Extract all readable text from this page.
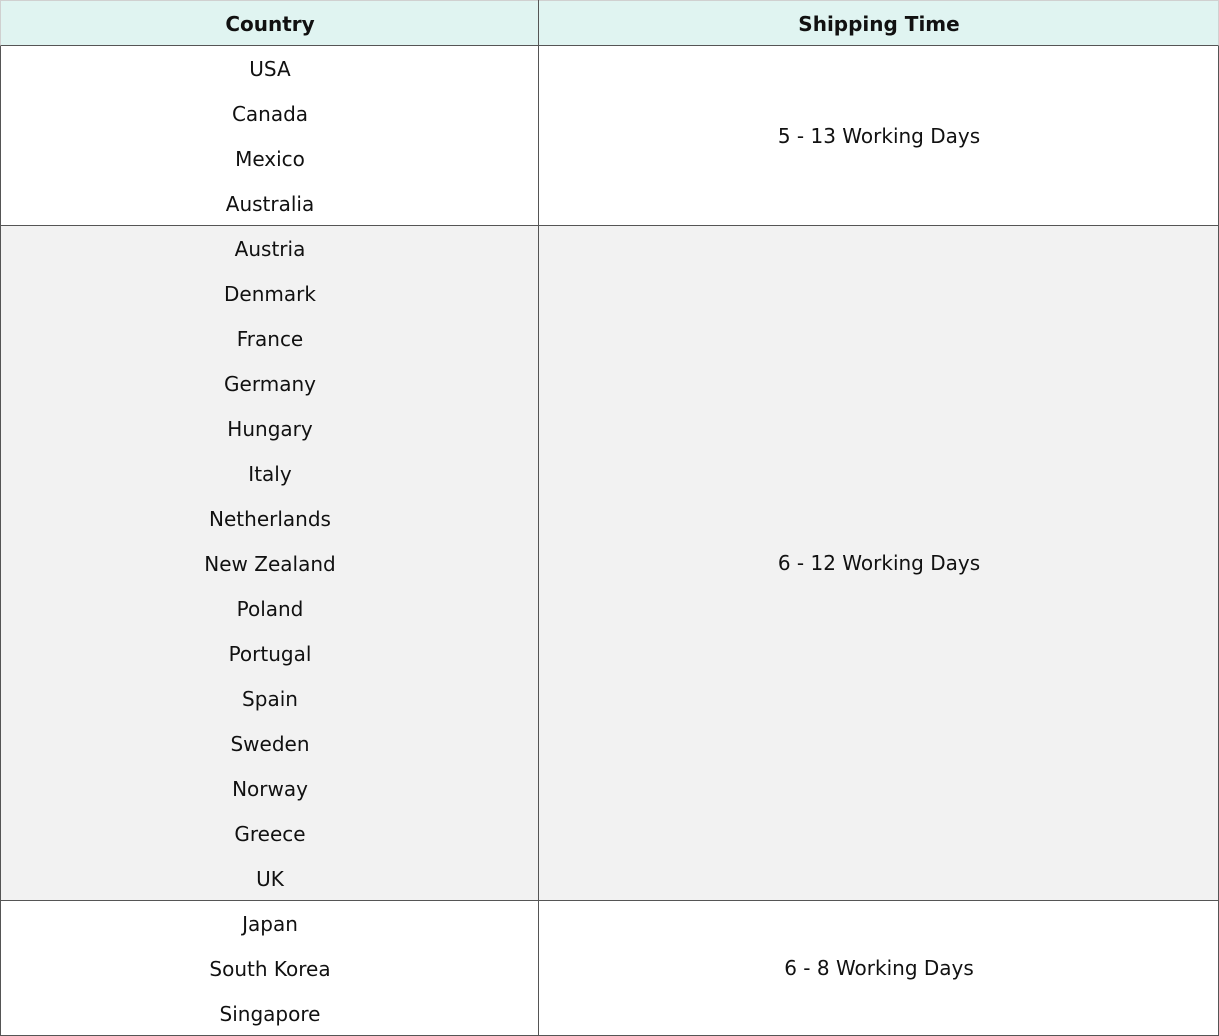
Country	Shipping Time
USA
Canada
Mexico
Australia
5 - 13 Working Days
Austria
Denmark
France
Germany
Hungary
Italy
Netherlands
New Zealand
Poland
Portugal
Spain
Sweden
Norway
Greece
UK
6 - 12 Working Days
Japan
South Korea
Singapore
6 - 8 Working Days
